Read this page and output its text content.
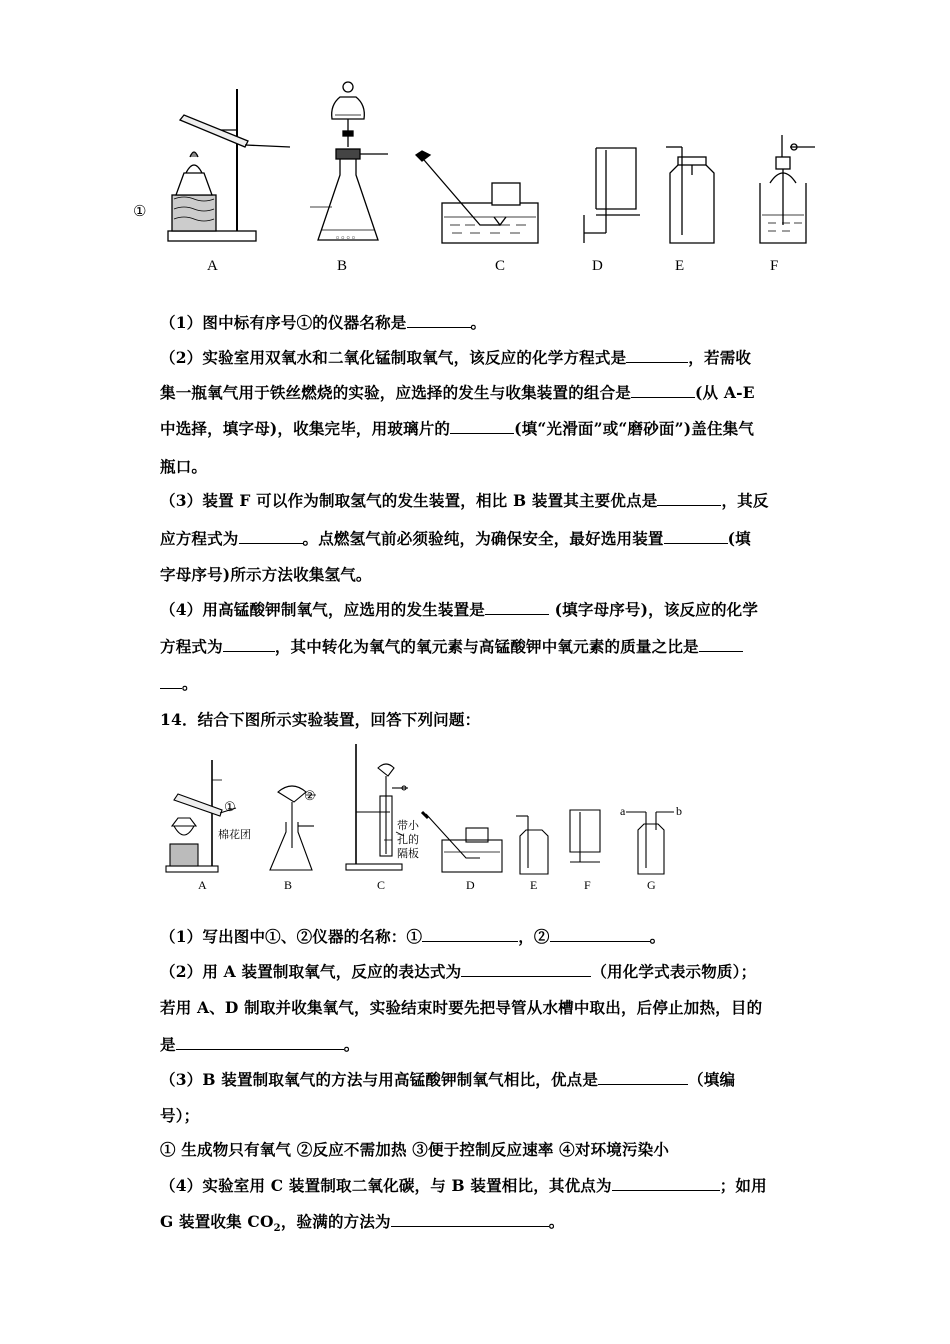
◦◦◦◦
①
A	B	C	D	E	F
（1）图中标有序号①的仪器名称是	。
（2）实验室用双氧水和二氧化锰制取氧气，该反应的化学方程式是	，若需收
集一瓶氧气用于铁丝燃烧的实验，应选择的发生与收集装置的组合是	(从 A-E
中选择，填字母)，收集完毕，用玻璃片的	(填“光滑面”或“磨砂面”)盖住集气
瓶口。
（3）装置 F 可以作为制取氢气的发生装置，相比 B 装置其主要优点是	，其反
应方程式为	。点燃氢气前必须验纯，为确保安全，最好选用装置	(填
字母序号)所示方法收集氢气。
（4）用高锰酸钾制氧气，应选用的发生装置是	(填字母序号)，该反应的化学
方程式为	，其中转化为氧气的氧元素与高锰酸钾中氧元素的质量之比是
。
14．结合下图所示实验装置，回答下列问题：
①
②
棉花团
带小
孔的
隔板
a	b
A	B	C	D	E	F	G
（1）写出图中①、②仪器的名称：①	，②	。
（2）用 A 装置制取氧气，反应的表达式为	（用化学式表示物质）；
若用 A、D 制取并收集氧气，实验结束时要先把导管从水槽中取出，后停止加热，目的
是	。
（3）B 装置制取氧气的方法与用高锰酸钾制氧气相比，优点是	（填编
号）；
① 生成物只有氧气 ②反应不需加热 ③便于控制反应速率 ④对环境污染小
（4）实验室用 C 装置制取二氧化碳，与 B 装置相比，其优点为	；如用
G 装置收集 $CO_2$，验满的方法为	。
